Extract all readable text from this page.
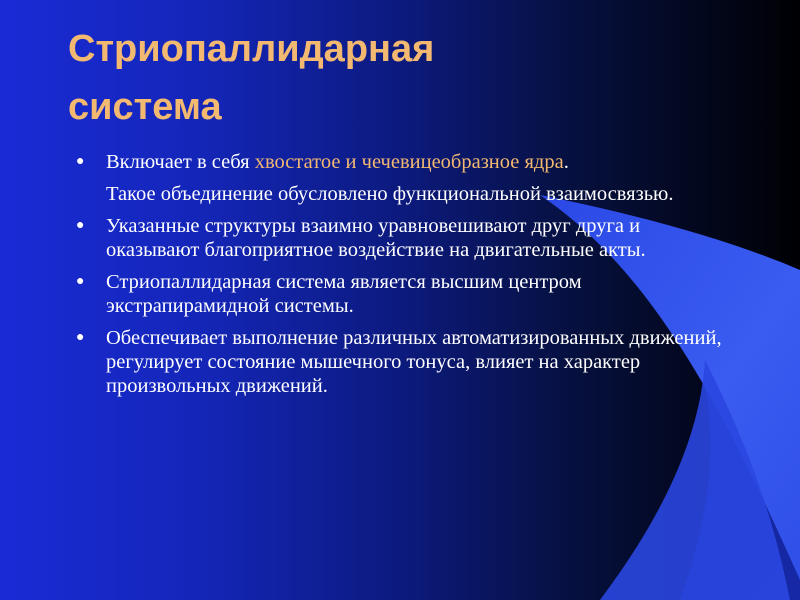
Стриопаллидарная
система
● Включает в себя хвостатое и чечевицеобразное ядра.
Такое объединение обусловлено функциональной взаимосвязью.
● Указанные структуры взаимно уравновешивают друг друга и оказывают благоприятное воздействие на двигательные акты.
● Стриопаллидарная система является высшим центром экстрапирамидной системы.
● Обеспечивает выполнение различных автоматизированных движений, регулирует состояние мышечного тонуса, влияет на характер произвольных движений.
